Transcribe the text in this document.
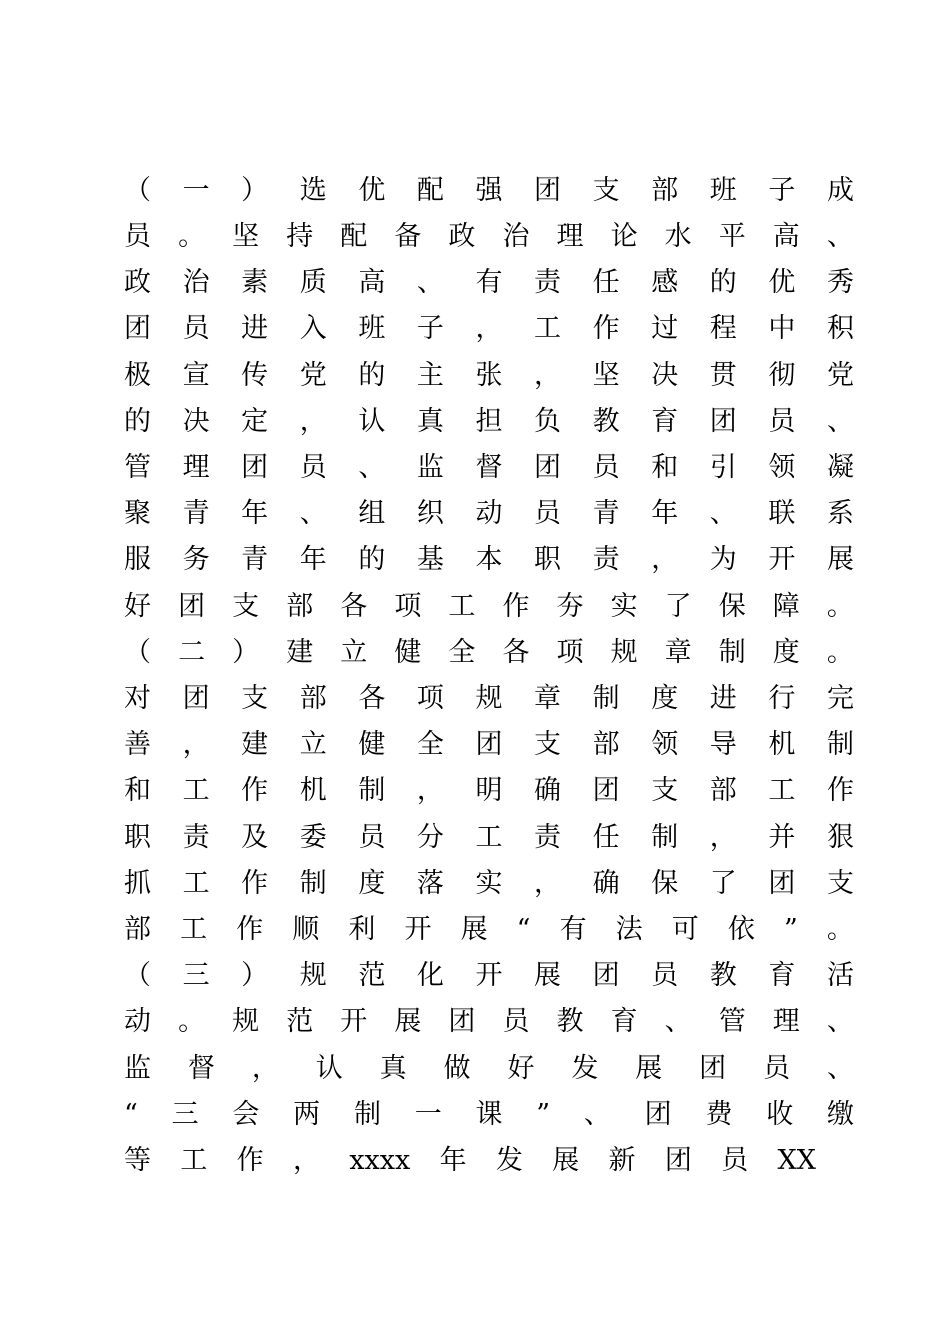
（ 一 ） 选 优 配 强 团 支 部 班 子 成
员 。 坚 持 配 备 政 治 理 论 水 平 高 、
政 治 素 质 高 、 有 责 任 感 的 优 秀
团 员 进 入 班 子 ， 工 作 过 程 中 积
极 宣 传 党 的 主 张 ， 坚 决 贯 彻 党
的 决 定 ， 认 真 担 负 教 育 团 员 、
管 理 团 员 、 监 督 团 员 和 引 领 凝
聚 青 年 、 组 织 动 员 青 年 、 联 系
服 务 青 年 的 基 本 职 责 ， 为 开 展
好 团 支 部 各 项 工 作 夯 实 了 保 障 。
（ 二 ） 建 立 健 全 各 项 规 章 制 度 。
对 团 支 部 各 项 规 章 制 度 进 行 完
善 ， 建 立 健 全 团 支 部 领 导 机 制
和 工 作 机 制 ， 明 确 团 支 部 工 作
职 责 及 委 员 分 工 责 任 制 ， 并 狠
抓 工 作 制 度 落 实 ， 确 保 了 团 支
部 工 作 顺 利 开 展 “ 有 法 可 依 ” 。
（ 三 ） 规 范 化 开 展 团 员 教 育 活
动 。 规 范 开 展 团 员 教 育 、 管 理 、
监 督 ， 认 真 做 好 发 展 团 员 、
“ 三 会 两 制 一 课 ” 、 团 费 收 缴
等 工 作 ， xxxx 年 发 展 新 团 员 XX
